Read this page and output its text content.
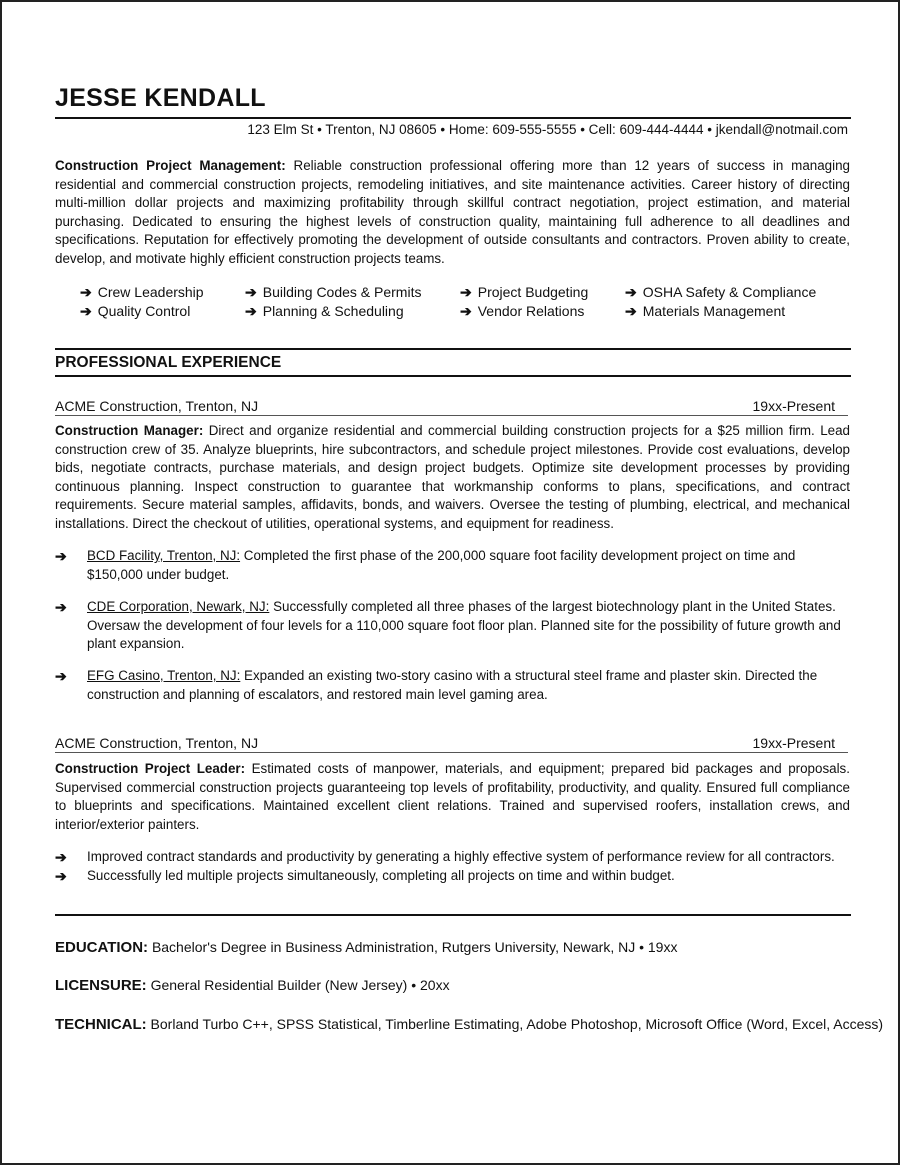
JESSE KENDALL
123 Elm St • Trenton, NJ 08605 • Home: 609-555-5555 • Cell: 609-444-4444 • jkendall@notmail.com

Construction Project Management: Reliable construction professional offering more than 12 years of success in managing residential and commercial construction projects, remodeling initiatives, and site maintenance activities. Career history of directing multi-million dollar projects and maximizing profitability through skillful contract negotiation, project estimation, and material purchasing. Dedicated to ensuring the highest levels of construction quality, maintaining full adherence to all deadlines and specifications. Reputation for effectively promoting the development of outside consultants and contractors. Proven ability to create, develop, and motivate highly efficient construction projects teams.

➔ Crew Leadership	➔ Building Codes & Permits	➔ Project Budgeting	➔ OSHA Safety & Compliance
➔ Quality Control	➔ Planning & Scheduling	➔ Vendor Relations	➔ Materials Management
PROFESSIONAL EXPERIENCE
ACME Construction, Trenton, NJ	19xx-Present

Construction Manager: Direct and organize residential and commercial building construction projects for a $25 million firm. Lead construction crew of 35. Analyze blueprints, hire subcontractors, and schedule project milestones. Provide cost evaluations, develop bids, negotiate contracts, purchase materials, and design project budgets. Optimize site development processes by providing continuous planning. Inspect construction to guarantee that workmanship conforms to plans, specifications, and contract requirements. Secure material samples, affidavits, bonds, and waivers. Oversee the testing of plumbing, electrical, and mechanical installations. Direct the checkout of utilities, operational systems, and equipment for readiness.

➔ BCD Facility, Trenton, NJ: Completed the first phase of the 200,000 square foot facility development project on time and $150,000 under budget.
➔ CDE Corporation, Newark, NJ: Successfully completed all three phases of the largest biotechnology plant in the United States. Oversaw the development of four levels for a 110,000 square foot floor plan. Planned site for the possibility of future growth and plant expansion.
➔ EFG Casino, Trenton, NJ: Expanded an existing two-story casino with a structural steel frame and plaster skin. Directed the construction and planning of escalators, and restored main level gaming area.
ACME Construction, Trenton, NJ	19xx-Present

Construction Project Leader: Estimated costs of manpower, materials, and equipment; prepared bid packages and proposals. Supervised commercial construction projects guaranteeing top levels of profitability, productivity, and quality. Ensured full compliance to blueprints and specifications. Maintained excellent client relations. Trained and supervised roofers, installation crews, and interior/exterior painters.

➔ Improved contract standards and productivity by generating a highly effective system of performance review for all contractors.
➔ Successfully led multiple projects simultaneously, completing all projects on time and within budget.
EDUCATION: Bachelor's Degree in Business Administration, Rutgers University, Newark, NJ • 19xx
LICENSURE: General Residential Builder (New Jersey) • 20xx
TECHNICAL: Borland Turbo C++, SPSS Statistical, Timberline Estimating, Adobe Photoshop, Microsoft Office (Word, Excel, Access)
